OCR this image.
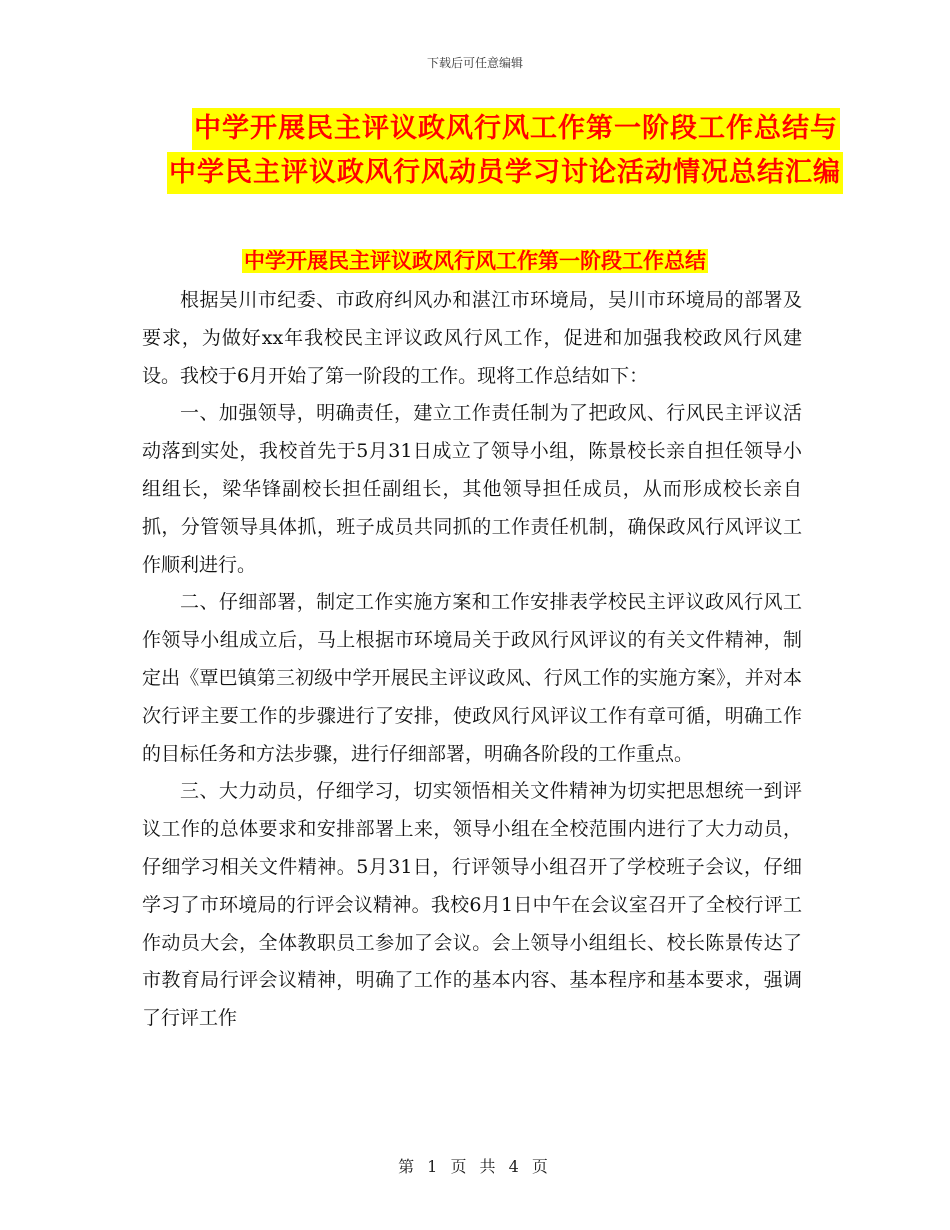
下载后可任意编辑
中学开展民主评议政风行风工作第一阶段工作总结与
中学民主评议政风行风动员学习讨论活动情况总结汇编
中学开展民主评议政风行风工作第一阶段工作总结

根据吴川市纪委、市政府纠风办和湛江市环境局，吴川市环境局的部署及要求，为做好xx年我校民主评议政风行风工作，促进和加强我校政风行风建设。我校于6月开始了第一阶段的工作。现将工作总结如下：

一、加强领导，明确责任，建立工作责任制为了把政风、行风民主评议活动落到实处，我校首先于5月31日成立了领导小组，陈景校长亲自担任领导小组组长，梁华锋副校长担任副组长，其他领导担任成员，从而形成校长亲自抓，分管领导具体抓，班子成员共同抓的工作责任机制，确保政风行风评议工作顺利进行。

二、仔细部署，制定工作实施方案和工作安排表学校民主评议政风行风工作领导小组成立后，马上根据市环境局关于政风行风评议的有关文件精神，制定出《覃巴镇第三初级中学开展民主评议政风、行风工作的实施方案》，并对本次行评主要工作的步骤进行了安排，使政风行风评议工作有章可循，明确工作的目标任务和方法步骤，进行仔细部署，明确各阶段的工作重点。

三、大力动员，仔细学习，切实领悟相关文件精神为切实把思想统一到评议工作的总体要求和安排部署上来，领导小组在全校范围内进行了大力动员，仔细学习相关文件精神。5月31日，行评领导小组召开了学校班子会议，仔细学习了市环境局的行评会议精神。我校6月1日中午在会议室召开了全校行评工作动员大会，全体教职员工参加了会议。会上领导小组组长、校长陈景传达了市教育局行评会议精神，明确了工作的基本内容、基本程序和基本要求，强调了行评工作

第 1 页 共 4 页
